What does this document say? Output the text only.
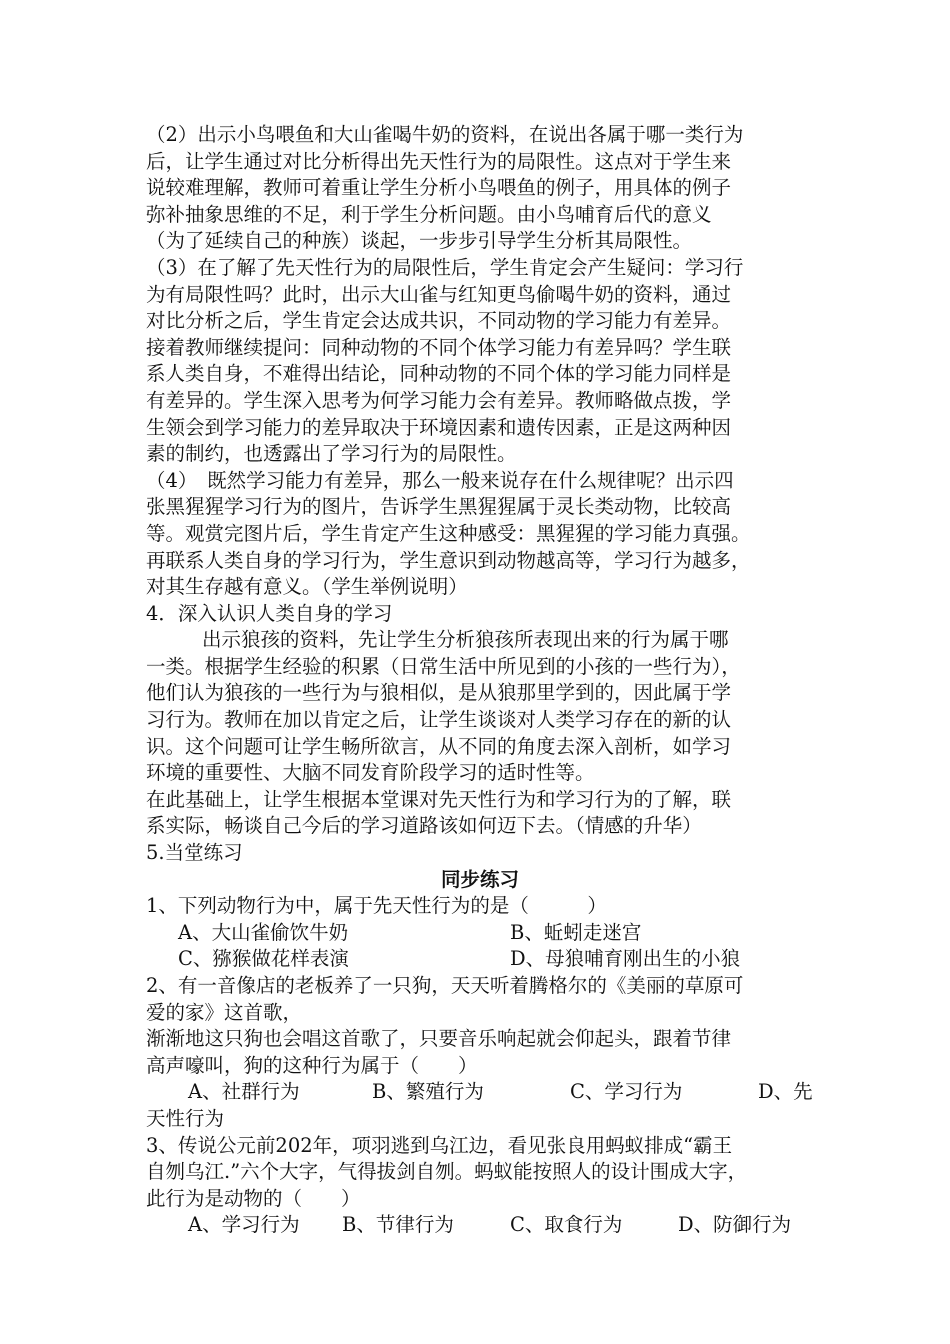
（2）出示小鸟喂鱼和大山雀喝牛奶的资料，在说出各属于哪一类行为
后，让学生通过对比分析得出先天性行为的局限性。这点对于学生来
说较难理解，教师可着重让学生分析小鸟喂鱼的例子，用具体的例子
弥补抽象思维的不足，利于学生分析问题。由小鸟哺育后代的意义
（为了延续自己的种族）谈起，一步步引导学生分析其局限性。
（3）在了解了先天性行为的局限性后，学生肯定会产生疑问：学习行
为有局限性吗？此时，出示大山雀与红知更鸟偷喝牛奶的资料，通过
对比分析之后，学生肯定会达成共识，不同动物的学习能力有差异。
接着教师继续提问：同种动物的不同个体学习能力有差异吗？学生联
系人类自身，不难得出结论，同种动物的不同个体的学习能力同样是
有差异的。学生深入思考为何学习能力会有差异。教师略做点拨，学
生领会到学习能力的差异取决于环境因素和遗传因素，正是这两种因
素的制约，也透露出了学习行为的局限性。
（4）　既然学习能力有差异，那么一般来说存在什么规律呢？出示四
张黑猩猩学习行为的图片，告诉学生黑猩猩属于灵长类动物，比较高
等。观赏完图片后，学生肯定产生这种感受：黑猩猩的学习能力真强。
再联系人类自身的学习行为，学生意识到动物越高等，学习行为越多，
对其生存越有意义。（学生举例说明）
4．深入认识人类自身的学习
出示狼孩的资料，先让学生分析狼孩所表现出来的行为属于哪
一类。根据学生经验的积累（日常生活中所见到的小孩的一些行为），
他们认为狼孩的一些行为与狼相似，是从狼那里学到的，因此属于学
习行为。教师在加以肯定之后，让学生谈谈对人类学习存在的新的认
识。这个问题可让学生畅所欲言，从不同的角度去深入剖析，如学习
环境的重要性、大脑不同发育阶段学习的适时性等。
在此基础上，让学生根据本堂课对先天性行为和学习行为的了解，联
系实际，畅谈自己今后的学习道路该如何迈下去。（情感的升华）
5.当堂练习
同步练习
1、下列动物行为中，属于先天性行为的是（　　　）
A、大山雀偷饮牛奶	B、蚯蚓走迷宫
C、猕猴做花样表演	D、母狼哺育刚出生的小狼
2、有一音像店的老板养了一只狗，天天听着腾格尔的《美丽的草原可
爱的家》这首歌，
渐渐地这只狗也会唱这首歌了，只要音乐响起就会仰起头，跟着节律
高声嚎叫，狗的这种行为属于（　　）
A、社群行为	B、繁殖行为	C、学习行为	D、先
天性行为
3、传说公元前202年，项羽逃到乌江边，看见张良用蚂蚁排成“霸王
自刎乌江.”六个大字，气得拔剑自刎。蚂蚁能按照人的设计围成大字，
此行为是动物的（　　）
A、学习行为 B、节律行为	C、取食行为	D、防御行为
